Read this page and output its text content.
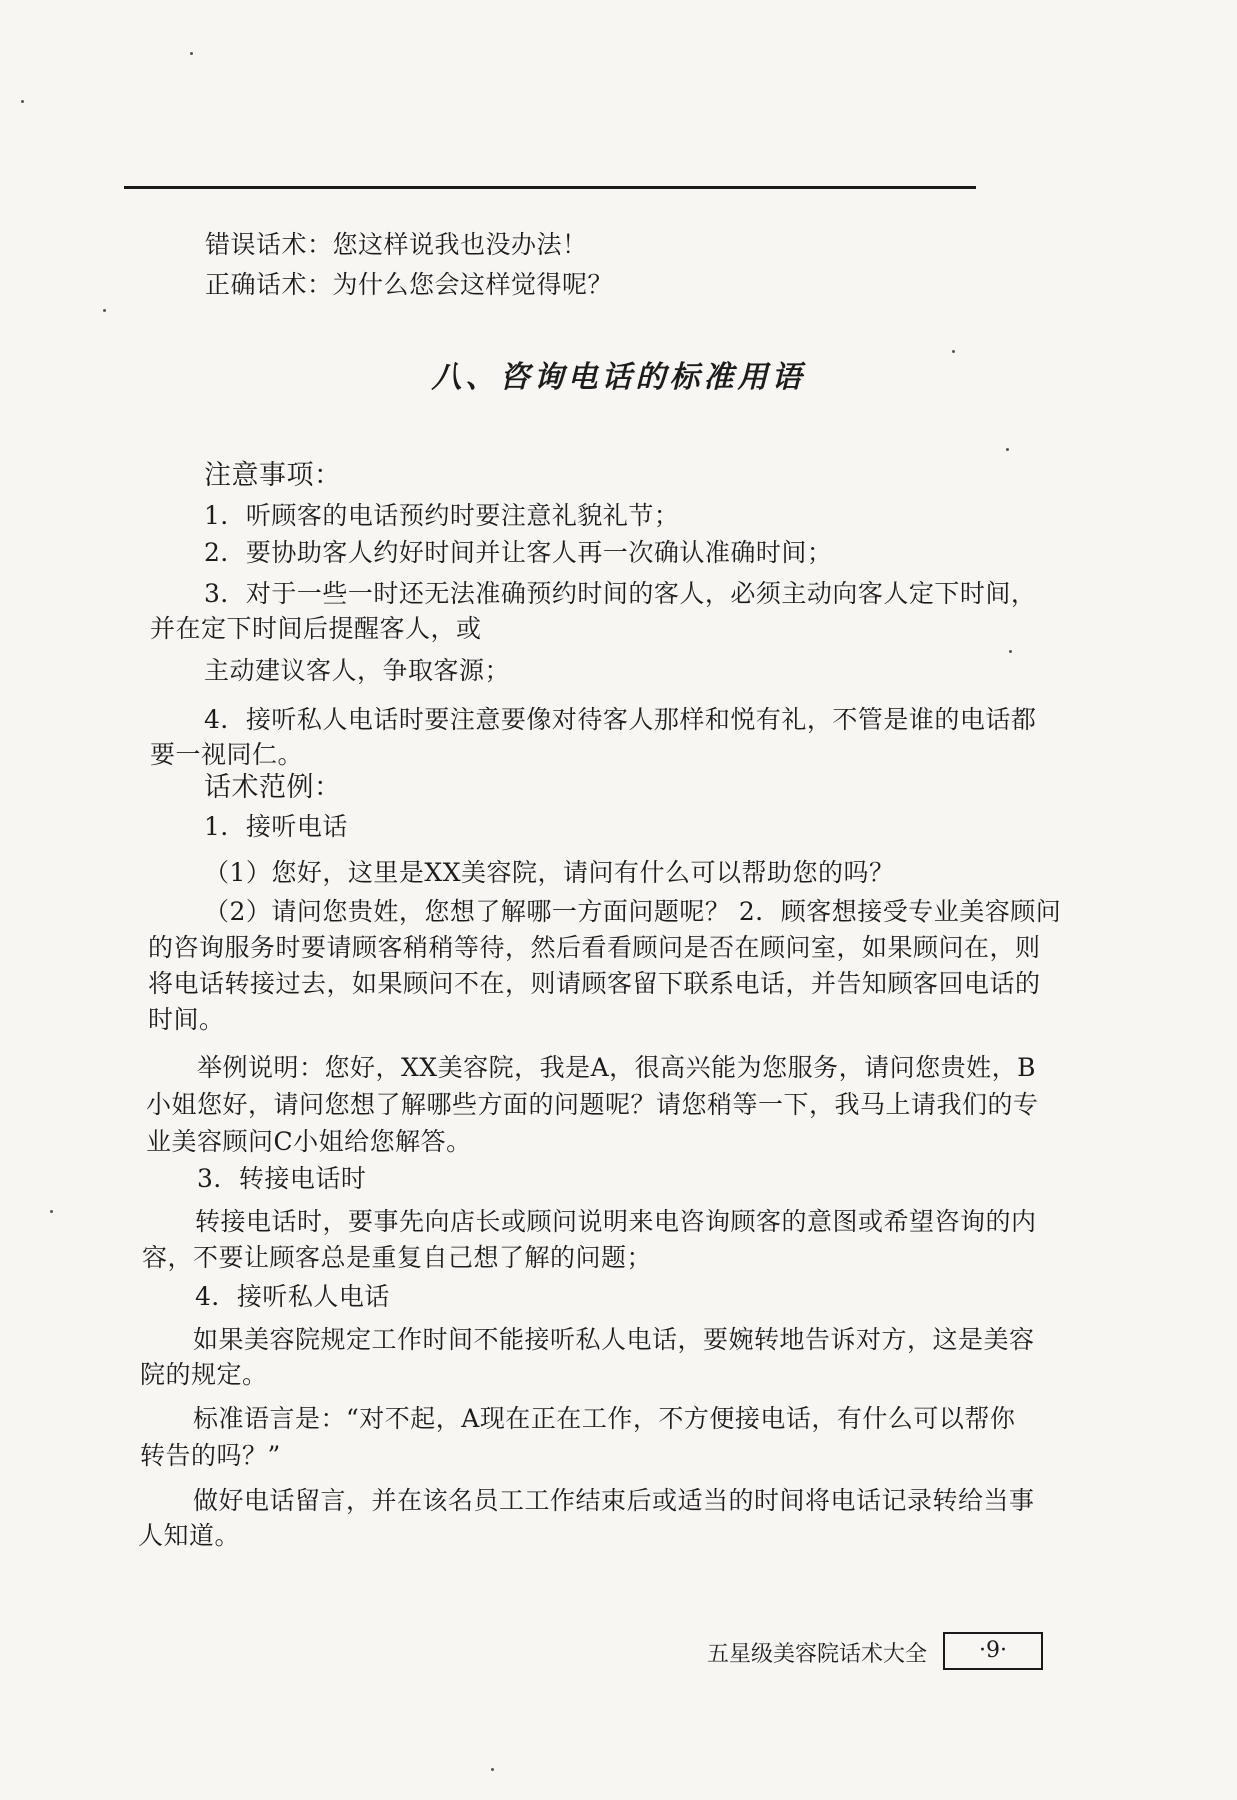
错误话术：您这样说我也没办法！
正确话术：为什么您会这样觉得呢？
八、咨询电话的标准用语
注意事项：
1．听顾客的电话预约时要注意礼貌礼节；
2．要协助客人约好时间并让客人再一次确认准确时间；
3．对于一些一时还无法准确预约时间的客人，必须主动向客人定下时间，
并在定下时间后提醒客人，或
主动建议客人，争取客源；
4．接听私人电话时要注意要像对待客人那样和悦有礼，不管是谁的电话都
要一视同仁。
话术范例：
1．接听电话
（1）您好，这里是XX美容院，请问有什么可以帮助您的吗？
（2）请问您贵姓，您想了解哪一方面问题呢？ 2．顾客想接受专业美容顾问
的咨询服务时要请顾客稍稍等待，然后看看顾问是否在顾问室，如果顾问在，则
将电话转接过去，如果顾问不在，则请顾客留下联系电话，并告知顾客回电话的
时间。
举例说明：您好，XX美容院，我是A，很高兴能为您服务，请问您贵姓，B
小姐您好，请问您想了解哪些方面的问题呢？请您稍等一下，我马上请我们的专
业美容顾问C小姐给您解答。
3．转接电话时
转接电话时，要事先向店长或顾问说明来电咨询顾客的意图或希望咨询的内
容，不要让顾客总是重复自己想了解的问题；
4．接听私人电话
如果美容院规定工作时间不能接听私人电话，要婉转地告诉对方，这是美容
院的规定。
标准语言是：“对不起，A现在正在工作，不方便接电话，有什么可以帮你
转告的吗？”
做好电话留言，并在该名员工工作结束后或适当的时间将电话记录转给当事
人知道。
五星级美容院话术大全	·9·
